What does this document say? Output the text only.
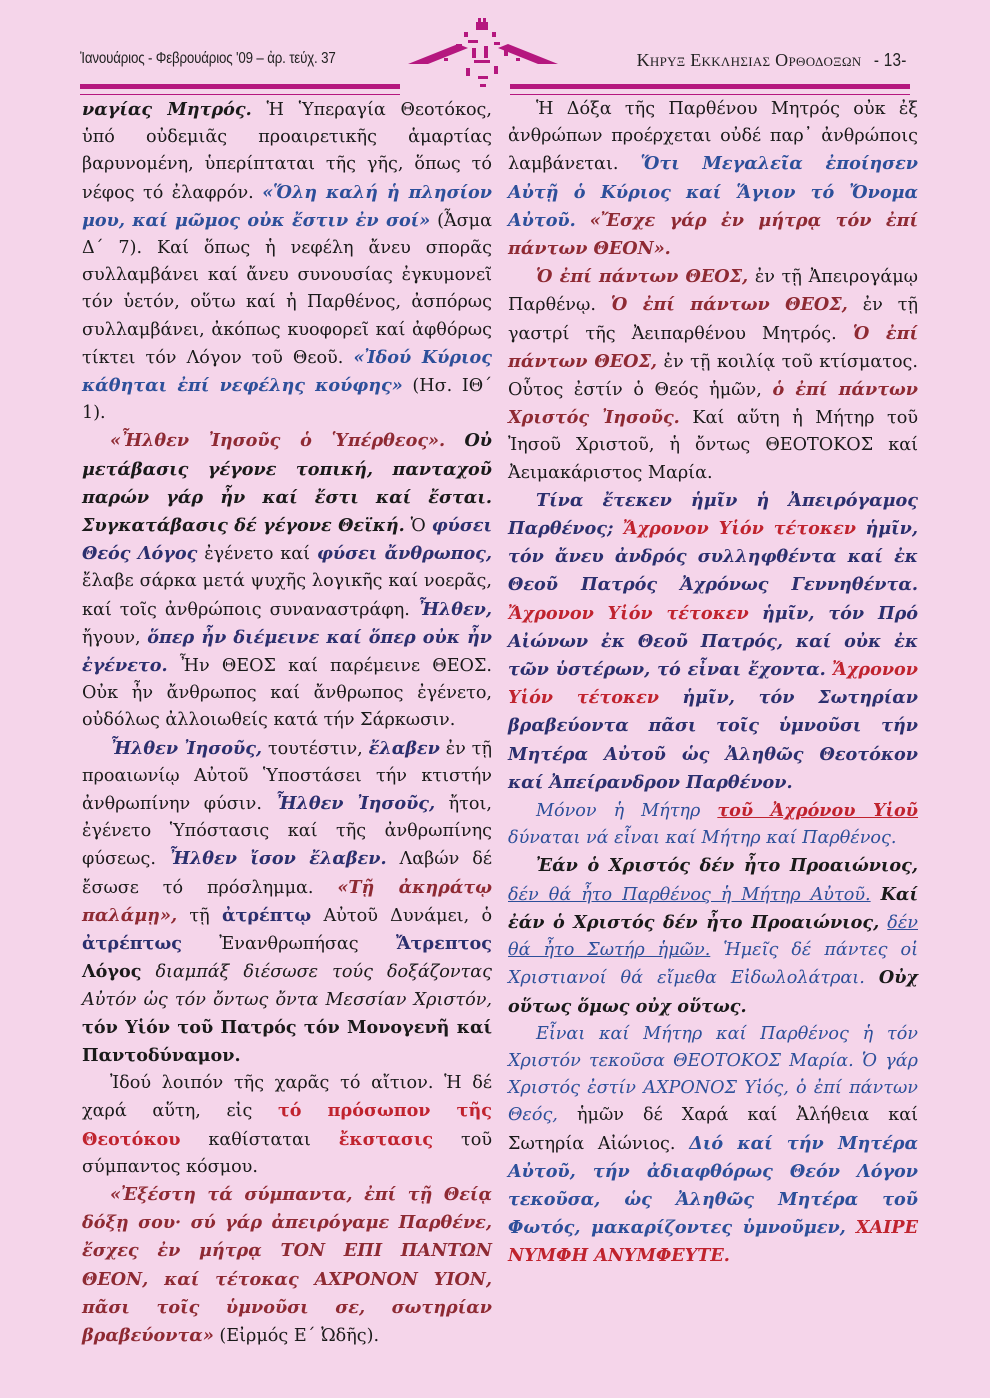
Ἰανουάριος - Φεβρουάριος '09 – ἀρ. τεύχ. 37	Κηρυξ Εκκλησιας Ορθοδοξων - 13-

ναγίας Μητρός. Ἡ Ὑπεραγία Θεοτόκος, ὑπό οὐδεμιᾶς προαιρετικῆς ἁμαρτίας βαρυνομένη, ὑπερίπταται τῆς γῆς, ὅπως τό νέφος τό ἐλαφρόν. «Ὅλη καλή ἡ πλησίον μου, καί μῶμος οὐκ ἔστιν ἐν σοί» (Ἆσμα Δ΄ 7). Καί ὅπως ἡ νεφέλη ἄνευ σπορᾶς συλλαμβάνει καί ἄνευ συνουσίας ἐγκυμονεῖ τόν ὑετόν, οὕτω καί ἡ Παρθένος, ἀσπόρως συλλαμβάνει, ἀκόπως κυοφορεῖ καί ἀφθόρως τίκτει τόν Λόγον τοῦ Θεοῦ. «Ἰδού Κύριος κάθηται ἐπί νεφέλης κούφης» (Ησ. ΙΘ΄ 1).

«Ἦλθεν Ἰησοῦς ὁ Ὑπέρθεος». Οὐ μετάβασις γέγονε τοπική, πανταχοῦ παρών γάρ ἦν καί ἔστι καί ἔσται. Συγκατάβασις δέ γέγονε Θεϊκή. Ὁ φύσει Θεός Λόγος ἐγένετο καί φύσει ἄνθρωπος, ἔλαβε σάρκα μετά ψυχῆς λογικῆς καί νοερᾶς, καί τοῖς ἀνθρώποις συναναστράφη. Ἦλθεν, ἤγουν, ὅπερ ἦν διέμεινε καί ὅπερ οὐκ ἦν ἐγένετο. Ἦν ΘΕΟΣ καί παρέμεινε ΘΕΟΣ. Οὐκ ἦν ἄνθρωπος καί ἄνθρωπος ἐγένετο, οὐδόλως ἀλλοιωθείς κατά τήν Σάρκωσιν.

Ἦλθεν Ἰησοῦς, τουτέστιν, ἔλαβεν ἐν τῇ προαιωνίῳ Αὐτοῦ Ὑποστάσει τήν κτιστήν ἀνθρωπίνην φύσιν. Ἦλθεν Ἰησοῦς, ἤτοι, ἐγένετο Ὑπόστασις καί τῆς ἀνθρωπίνης φύσεως. Ἦλθεν ἴσον ἔλαβεν. Λαβών δέ ἔσωσε τό πρόσλημμα. «Τῇ ἀκηράτῳ παλάμῃ», τῇ ἀτρέπτῳ Αὐτοῦ Δυνάμει, ὁ ἀτρέπτως Ἐνανθρωπήσας Ἄτρεπτος Λόγος διαμπάξ διέσωσε τούς δοξάζοντας Αὐτόν ὡς τόν ὄντως ὄντα Μεσσίαν Χριστόν, τόν Υἱόν τοῦ Πατρός τόν Μονογενῆ καί Παντοδύναμον.

Ἰδού λοιπόν τῆς χαρᾶς τό αἴτιον. Ἡ δέ χαρά αὕτη, εἰς τό πρόσωπον τῆς Θεοτόκου καθίσταται ἔκστασις τοῦ σύμπαντος κόσμου.

«Ἐξέστη τά σύμπαντα, ἐπί τῇ Θείᾳ δόξῃ σου· σύ γάρ ἀπειρόγαμε Παρθένε, ἔσχες ἐν μήτρᾳ ΤΟΝ ΕΠΙ ΠΑΝΤΩΝ ΘΕΟΝ, καί τέτοκας ΑΧΡΟΝΟΝ ΥΙΟΝ, πᾶσι τοῖς ὑμνοῦσι σε, σωτηρίαν βραβεύοντα» (Εἰρμός Ε΄ Ὠδῆς).

Ἡ Δόξα τῆς Παρθένου Μητρός οὐκ ἐξ ἀνθρώπων προέρχεται οὐδέ παρ᾽ ἀνθρώποις λαμβάνεται. Ὅτι Μεγαλεῖα ἐποίησεν Αὐτῇ ὁ Κύριος καί Ἅγιον τό Ὄνομα Αὐτοῦ. «Ἔσχε γάρ ἐν μήτρᾳ τόν ἐπί πάντων ΘΕΟΝ».

Ὁ ἐπί πάντων ΘΕΟΣ, ἐν τῇ Ἀπειρογάμῳ Παρθένῳ. Ὁ ἐπί πάντων ΘΕΟΣ, ἐν τῇ γαστρί τῆς Ἀειπαρθένου Μητρός. Ὁ ἐπί πάντων ΘΕΟΣ, ἐν τῇ κοιλίᾳ τοῦ κτίσματος. Οὗτος ἐστίν ὁ Θεός ἡμῶν, ὁ ἐπί πάντων Χριστός Ἰησοῦς. Καί αὕτη ἡ Μήτηρ τοῦ Ἰησοῦ Χριστοῦ, ἡ ὄντως ΘΕΟΤΟΚΟΣ καί Ἀειμακάριστος Μαρία.

Τίνα ἔτεκεν ἡμῖν ἡ Ἀπειρόγαμος Παρθένος; Ἄχρονον Υἱόν τέτοκεν ἡμῖν, τόν ἄνευ ἀνδρός συλληφθέντα καί ἐκ Θεοῦ Πατρός Ἀχρόνως Γεννηθέντα. Ἄχρονον Υἱόν τέτοκεν ἡμῖν, τόν Πρό Αἰώνων ἐκ Θεοῦ Πατρός, καί οὐκ ἐκ τῶν ὑστέρων, τό εἶναι ἔχοντα. Ἄχρονον Υἱόν τέτοκεν ἡμῖν, τόν Σωτηρίαν βραβεύοντα πᾶσι τοῖς ὑμνοῦσι τήν Μητέρα Αὐτοῦ ὡς Ἀληθῶς Θεοτόκον καί Ἀπείρανδρον Παρθένον.

Μόνον ἡ Μήτηρ τοῦ Ἀχρόνου Υἱοῦ δύναται νά εἶναι καί Μήτηρ καί Παρθένος.

Ἐάν ὁ Χριστός δέν ἦτο Προαιώνιος, δέν θά ἦτο Παρθένος ἡ Μήτηρ Αὐτοῦ. Καί ἐάν ὁ Χριστός δέν ἦτο Προαιώνιος, δέν θά ἦτο Σωτήρ ἡμῶν. Ἡμεῖς δέ πάντες οἱ Χριστιανοί θά εἴμεθα Εἰδωλολάτραι. Οὐχ οὕτως ὅμως οὐχ οὕτως.

Εἶναι καί Μήτηρ καί Παρθένος ἡ τόν Χριστόν τεκοῦσα ΘΕΟΤΟΚΟΣ Μαρία. Ὁ γάρ Χριστός ἐστίν ΑΧΡΟΝΟΣ Υἱός, ὁ ἐπί πάντων Θεός, ἡμῶν δέ Χαρά καί Ἀλήθεια καί Σωτηρία Αἰώνιος. Διό καί τήν Μητέρα Αὐτοῦ, τήν ἀδιαφθόρως Θεόν Λόγον τεκοῦσα, ὡς Ἀληθῶς Μητέρα τοῦ Φωτός, μακαρίζοντες ὑμνοῦμεν, ΧΑΙΡΕ ΝΥΜΦΗ ΑΝΥΜΦΕΥΤΕ.
